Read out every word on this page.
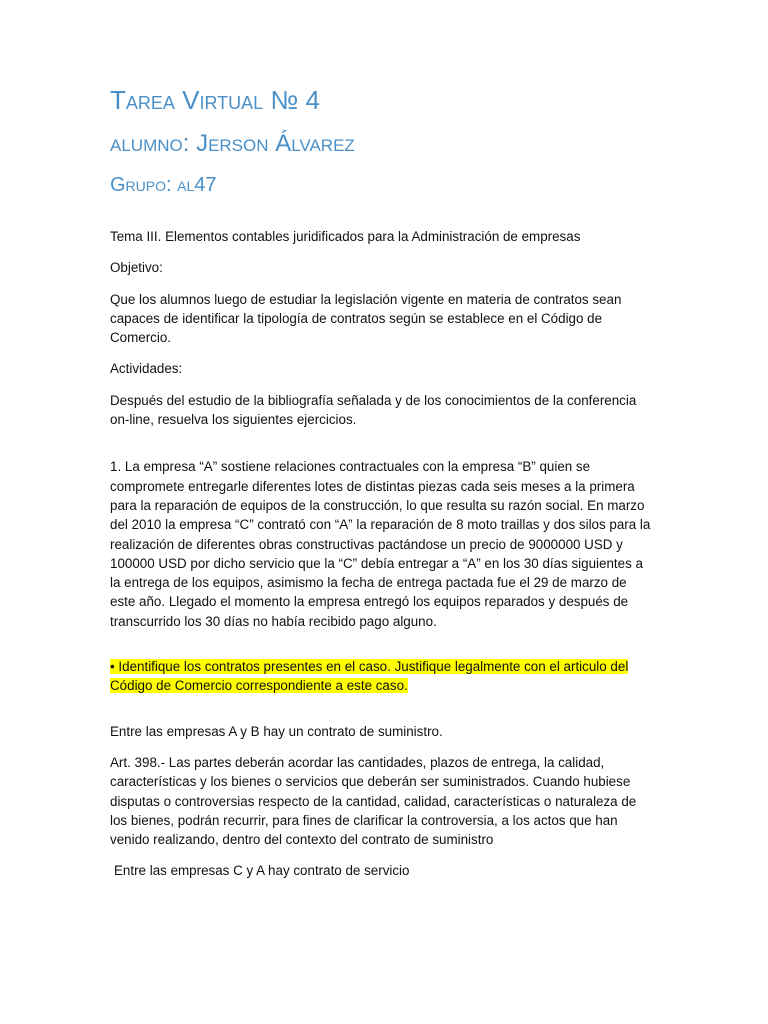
Tarea Virtual № 4
alumno: Jerson Álvarez
Grupo: al47

Tema III. Elementos contables juridificados para la Administración de empresas

Objetivo:

Que los alumnos luego de estudiar la legislación vigente en materia de contratos sean capaces de identificar la tipología de contratos según se establece en el Código de Comercio.

Actividades:

Después del estudio de la bibliografía señalada y de los conocimientos de la conferencia on-line, resuelva los siguientes ejercicios.

1. La empresa “A” sostiene relaciones contractuales con la empresa “B” quien se compromete entregarle diferentes lotes de distintas piezas cada seis meses a la primera para la reparación de equipos de la construcción, lo que resulta su razón social. En marzo del 2010 la empresa “C” contrató con “A” la reparación de 8 moto traillas y dos silos para la realización de diferentes obras constructivas pactándose un precio de 9000000 USD y 100000 USD por dicho servicio que la “C” debía entregar a “A” en los 30 días siguientes a la entrega de los equipos, asimismo la fecha de entrega pactada fue el 29 de marzo de este año. Llegado el momento la empresa entregó los equipos reparados y después de transcurrido los 30 días no había recibido pago alguno.

• Identifique los contratos presentes en el caso. Justifique legalmente con el articulo del Código de Comercio correspondiente a este caso.

Entre las empresas A y B hay un contrato de suministro.

Art. 398.- Las partes deberán acordar las cantidades, plazos de entrega, la calidad, características y los bienes o servicios que deberán ser suministrados. Cuando hubiese disputas o controversias respecto de la cantidad, calidad, características o naturaleza de los bienes, podrán recurrir, para fines de clarificar la controversia, a los actos que han venido realizando, dentro del contexto del contrato de suministro

Entre las empresas C y A hay contrato de servicio
